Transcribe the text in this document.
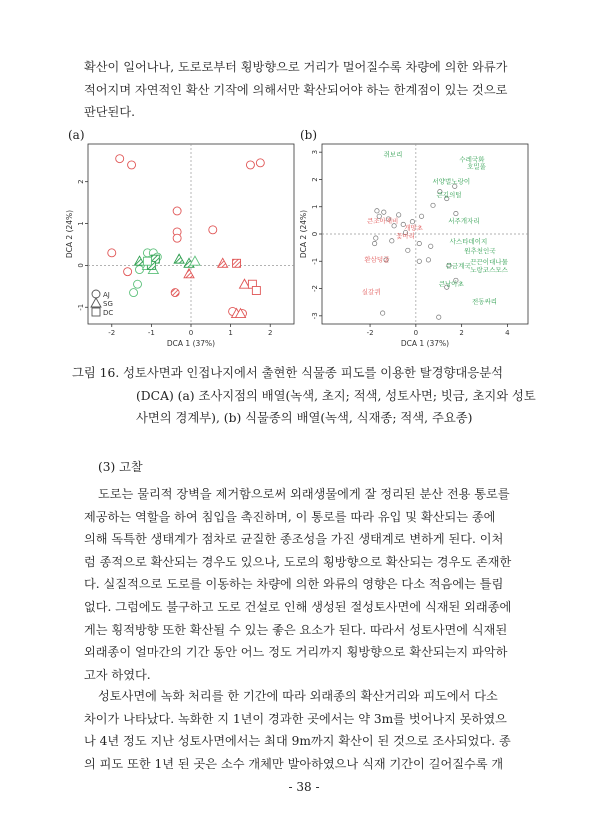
확산이 일어나나, 도로로부터 횡방향으로 거리가 멀어질수록 차량에 의한 와류가
적어지며 자연적인 확산 기작에 의해서만 확산되어야 하는 한계점이 있는 것으로
판단된다.
(a)	(b)
-2	-1	0	1	2
-1
0
1
2
DCA 1 (37%)
DCA 2 (24%)
AJ
SG
DC
-2	0	2	4
-3
-2
-1
0
1
2
3
DCA 1 (37%)
DCA 2 (24%)
쥐보리
수레국화
호밀풀
서양벌노랑이
큰김의털
큰조아재비
개망초
서주개자리
꽃마리
사스타데이지
원추천인국
환삼덩굴	끈끈이대나물
큰금계국
노랑코스모스
큰낭아초
실갈퀴
전동싸리
그림 16. 성토사면과 인접나지에서 출현한 식물종 피도를 이용한 탈경향대응분석
(DCA) (a) 조사지점의 배열(녹색, 초지; 적색, 성토사면; 빗금, 초지와 성토
사면의 경계부), (b) 식물종의 배열(녹색, 식재종; 적색, 주요종)
(3) 고찰
도로는 물리적 장벽을 제거함으로써 외래생물에게 잘 정리된 분산 전용 통로를
제공하는 역할을 하여 침입을 촉진하며, 이 통로를 따라 유입 및 확산되는 종에
의해 독특한 생태계가 점차로 균질한 종조성을 가진 생태계로 변하게 된다. 이처
럼 종적으로 확산되는 경우도 있으나, 도로의 횡방향으로 확산되는 경우도 존재한
다. 실질적으로 도로를 이동하는 차량에 의한 와류의 영향은 다소 적음에는 틀림
없다. 그럼에도 불구하고 도로 건설로 인해 생성된 절성토사면에 식재된 외래종에
게는 횡적방향 또한 확산될 수 있는 좋은 요소가 된다. 따라서 성토사면에 식재된
외래종이 얼마간의 기간 동안 어느 정도 거리까지 횡방향으로 확산되는지 파악하
고자 하였다.
성토사면에 녹화 처리를 한 기간에 따라 외래종의 확산거리와 피도에서 다소
차이가 나타났다. 녹화한 지 1년이 경과한 곳에서는 약 3m를 벗어나지 못하였으
나 4년 정도 지난 성토사면에서는 최대 9m까지 확산이 된 것으로 조사되었다. 종
의 피도 또한 1년 된 곳은 소수 개체만 발아하였으나 식재 기간이 길어질수록 개
- 38 -
